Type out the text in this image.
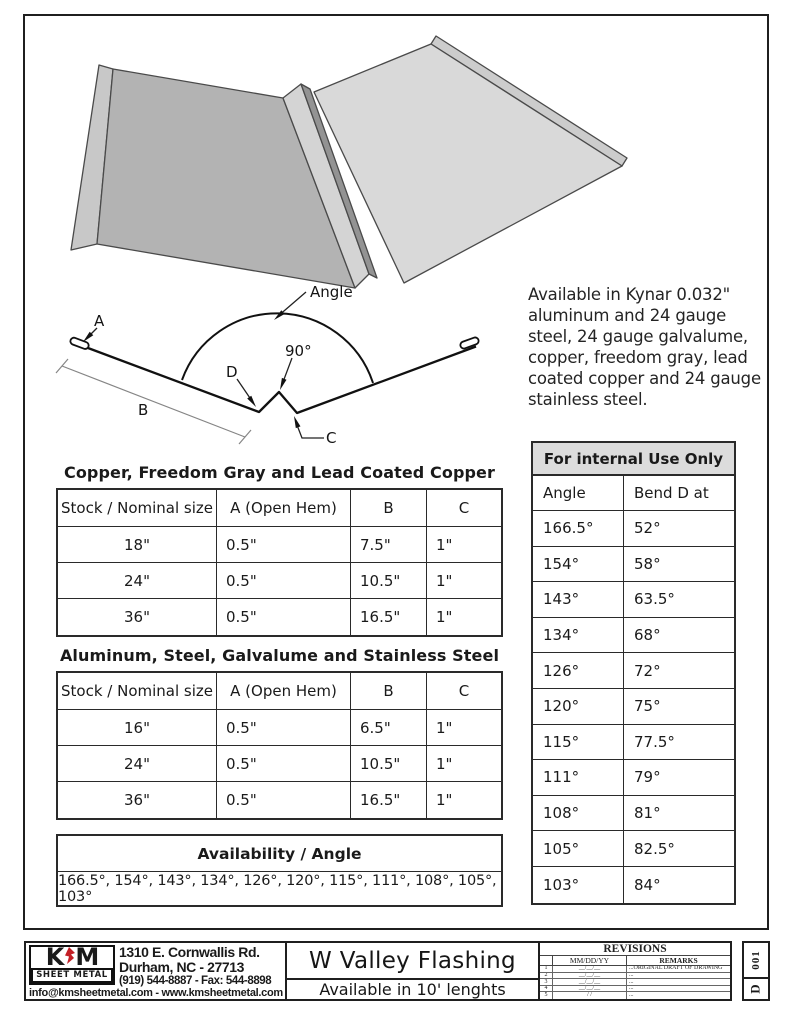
Angle
A
90°
D
B
C
Available in Kynar 0.032" aluminum and 24 gauge steel, 24 gauge galvalume, copper, freedom gray, lead coated copper and 24 gauge stainless steel.
Copper, Freedom Gray and Lead Coated Copper
Stock / Nominal size	A (Open Hem)	B	C
18"	0.5"	7.5"	1"
24"	0.5"	10.5"	1"
36"	0.5"	16.5"	1"
Aluminum, Steel, Galvalume and Stainless Steel
Stock / Nominal size	A (Open Hem)	B	C
16"	0.5"	6.5"	1"
24"	0.5"	10.5"	1"
36"	0.5"	16.5"	1"
Availability / Angle
166.5°, 154°, 143°, 134°, 126°, 120°, 115°, 111°, 108°, 105°, 103°
For internal Use Only
Angle	Bend D at
166.5°	52°
154°	58°
143°	63.5°
134°	68°
126°	72°
120°	75°
115°	77.5°
111°	79°
108°	81°
105°	82.5°
103°	84°
K M
SHEET METAL
1310 E. Cornwallis Rd.
Durham, NC - 27713
(919) 544-8887 - Fax: 544-8898
info@kmsheetmetal.com - www.kmsheetmetal.com
W Valley Flashing
Available in 10' lenghts
REVISIONS
MM/DD/YY	REMARKS
1	__/__/__	...ORIGINAL DRAFT OF DRAWING
2	__/__/__	...
3	__/__/__	...
4	__/__/__	...
5	/ /	...
001
D
